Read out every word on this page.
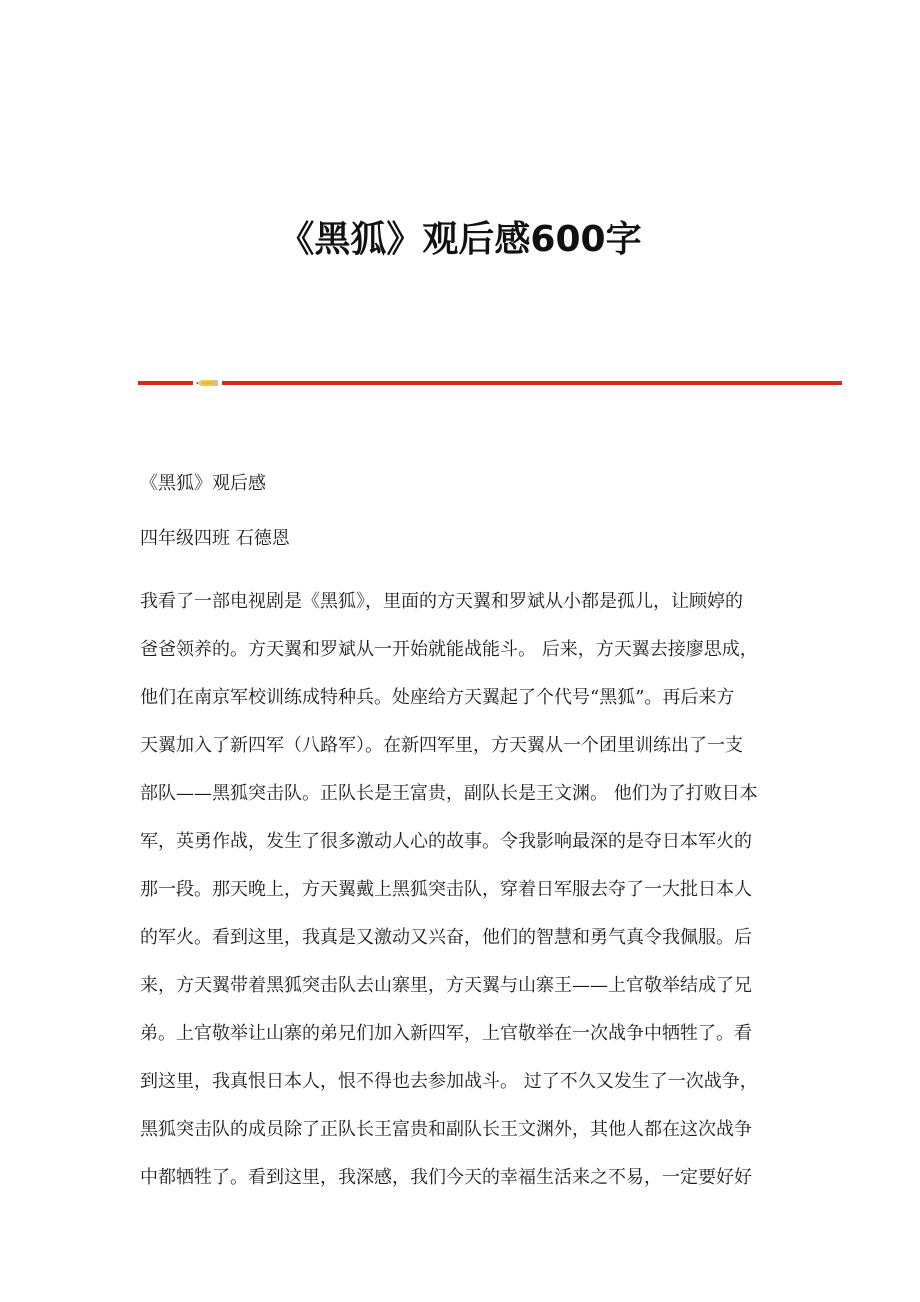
《黑狐》观后感600字

《黑狐》观后感

四年级四班 石德恩

我看了一部电视剧是《黑狐》，里面的方天翼和罗斌从小都是孤儿，让顾婷的
爸爸领养的。方天翼和罗斌从一开始就能战能斗。 后来，方天翼去接廖思成，
他们在南京军校训练成特种兵。处座给方天翼起了个代号“黑狐”。再后来方
天翼加入了新四军（八路军）。在新四军里，方天翼从一个团里训练出了一支
部队——黑狐突击队。正队长是王富贵，副队长是王文渊。 他们为了打败日本
军，英勇作战，发生了很多激动人心的故事。令我影响最深的是夺日本军火的
那一段。那天晚上，方天翼戴上黑狐突击队，穿着日军服去夺了一大批日本人
的军火。看到这里，我真是又激动又兴奋，他们的智慧和勇气真令我佩服。后
来，方天翼带着黑狐突击队去山寨里，方天翼与山寨王——上官敬举结成了兄
弟。上官敬举让山寨的弟兄们加入新四军，上官敬举在一次战争中牺牲了。看
到这里，我真恨日本人，恨不得也去参加战斗。 过了不久又发生了一次战争，
黑狐突击队的成员除了正队长王富贵和副队长王文渊外，其他人都在这次战争
中都牺牲了。看到这里，我深感，我们今天的幸福生活来之不易，一定要好好
